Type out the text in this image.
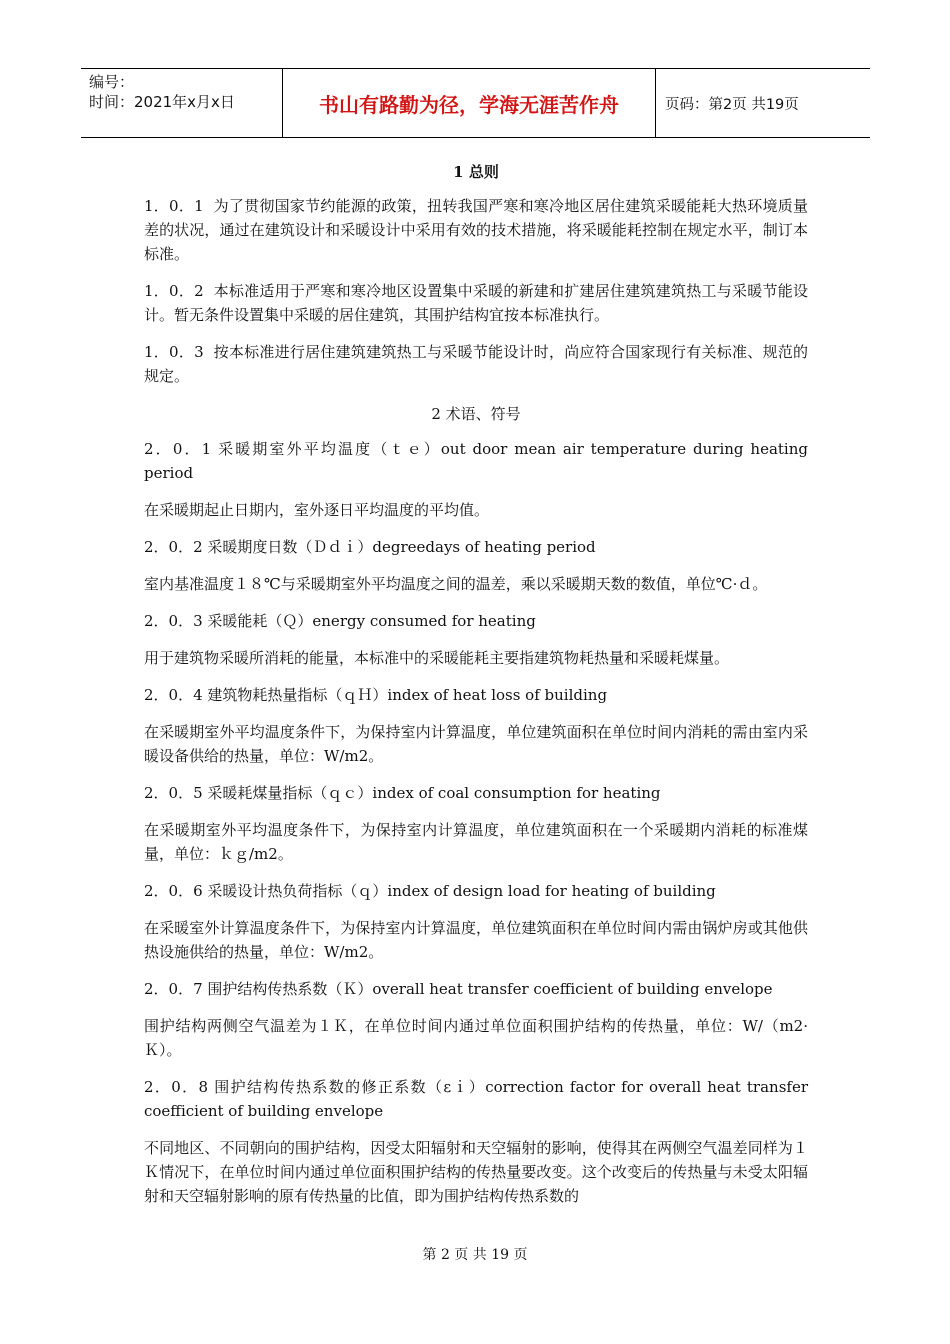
编号：
时间：2021年x月x日	书山有路勤为径，学海无涯苦作舟	页码：第2页 共19页

1 总则

1．0．1 为了贯彻国家节约能源的政策，扭转我国严寒和寒冷地区居住建筑采暖能耗大热环境质量差的状况，通过在建筑设计和采暖设计中采用有效的技术措施，将采暖能耗控制在规定水平，制订本标准。

1．0．2 本标准适用于严寒和寒冷地区设置集中采暖的新建和扩建居住建筑建筑热工与采暖节能设计。暂无条件设置集中采暖的居住建筑，其围护结构宜按本标准执行。

1．0．3 按本标准进行居住建筑建筑热工与采暖节能设计时，尚应符合国家现行有关标准、规范的规定。

2 术语、符号

2．0．1 采暖期室外平均温度（ｔｅ）out door mean air temperature during heating period

在采暖期起止日期内，室外逐日平均温度的平均值。

2．0．2 采暖期度日数（Ｄｄｉ）degreedays of heating period

室内基准温度１８℃与采暖期室外平均温度之间的温差，乘以采暖期天数的数值，单位℃·ｄ。

2．0．3 采暖能耗（Ｑ）energy consumed for heating

用于建筑物采暖所消耗的能量，本标准中的采暖能耗主要指建筑物耗热量和采暖耗煤量。

2．0．4 建筑物耗热量指标（ｑＨ）index of heat loss of building

在采暖期室外平均温度条件下，为保持室内计算温度，单位建筑面积在单位时间内消耗的需由室内采暖设备供给的热量，单位：W/m2。

2．0．5 采暖耗煤量指标（ｑｃ）index of coal consumption for heating

在采暖期室外平均温度条件下，为保持室内计算温度，单位建筑面积在一个采暖期内消耗的标准煤量，单位：ｋｇ/m2。

2．0．6 采暖设计热负荷指标（ｑ）index of design load for heating of building

在采暖室外计算温度条件下，为保持室内计算温度，单位建筑面积在单位时间内需由锅炉房或其他供热设施供给的热量，单位：W/m2。

2．0．7 围护结构传热系数（Ｋ）overall heat transfer coefficient of building envelope

围护结构两侧空气温差为１Ｋ，在单位时间内通过单位面积围护结构的传热量，单位：W/（m2·Ｋ）。

2．0．8 围护结构传热系数的修正系数（εｉ）correction factor for overall heat transfer coefficient of building envelope

不同地区、不同朝向的围护结构，因受太阳辐射和天空辐射的影响，使得其在两侧空气温差同样为１Ｋ情况下，在单位时间内通过单位面积围护结构的传热量要改变。这个改变后的传热量与未受太阳辐射和天空辐射影响的原有传热量的比值，即为围护结构传热系数的

第 2 页 共 19 页
